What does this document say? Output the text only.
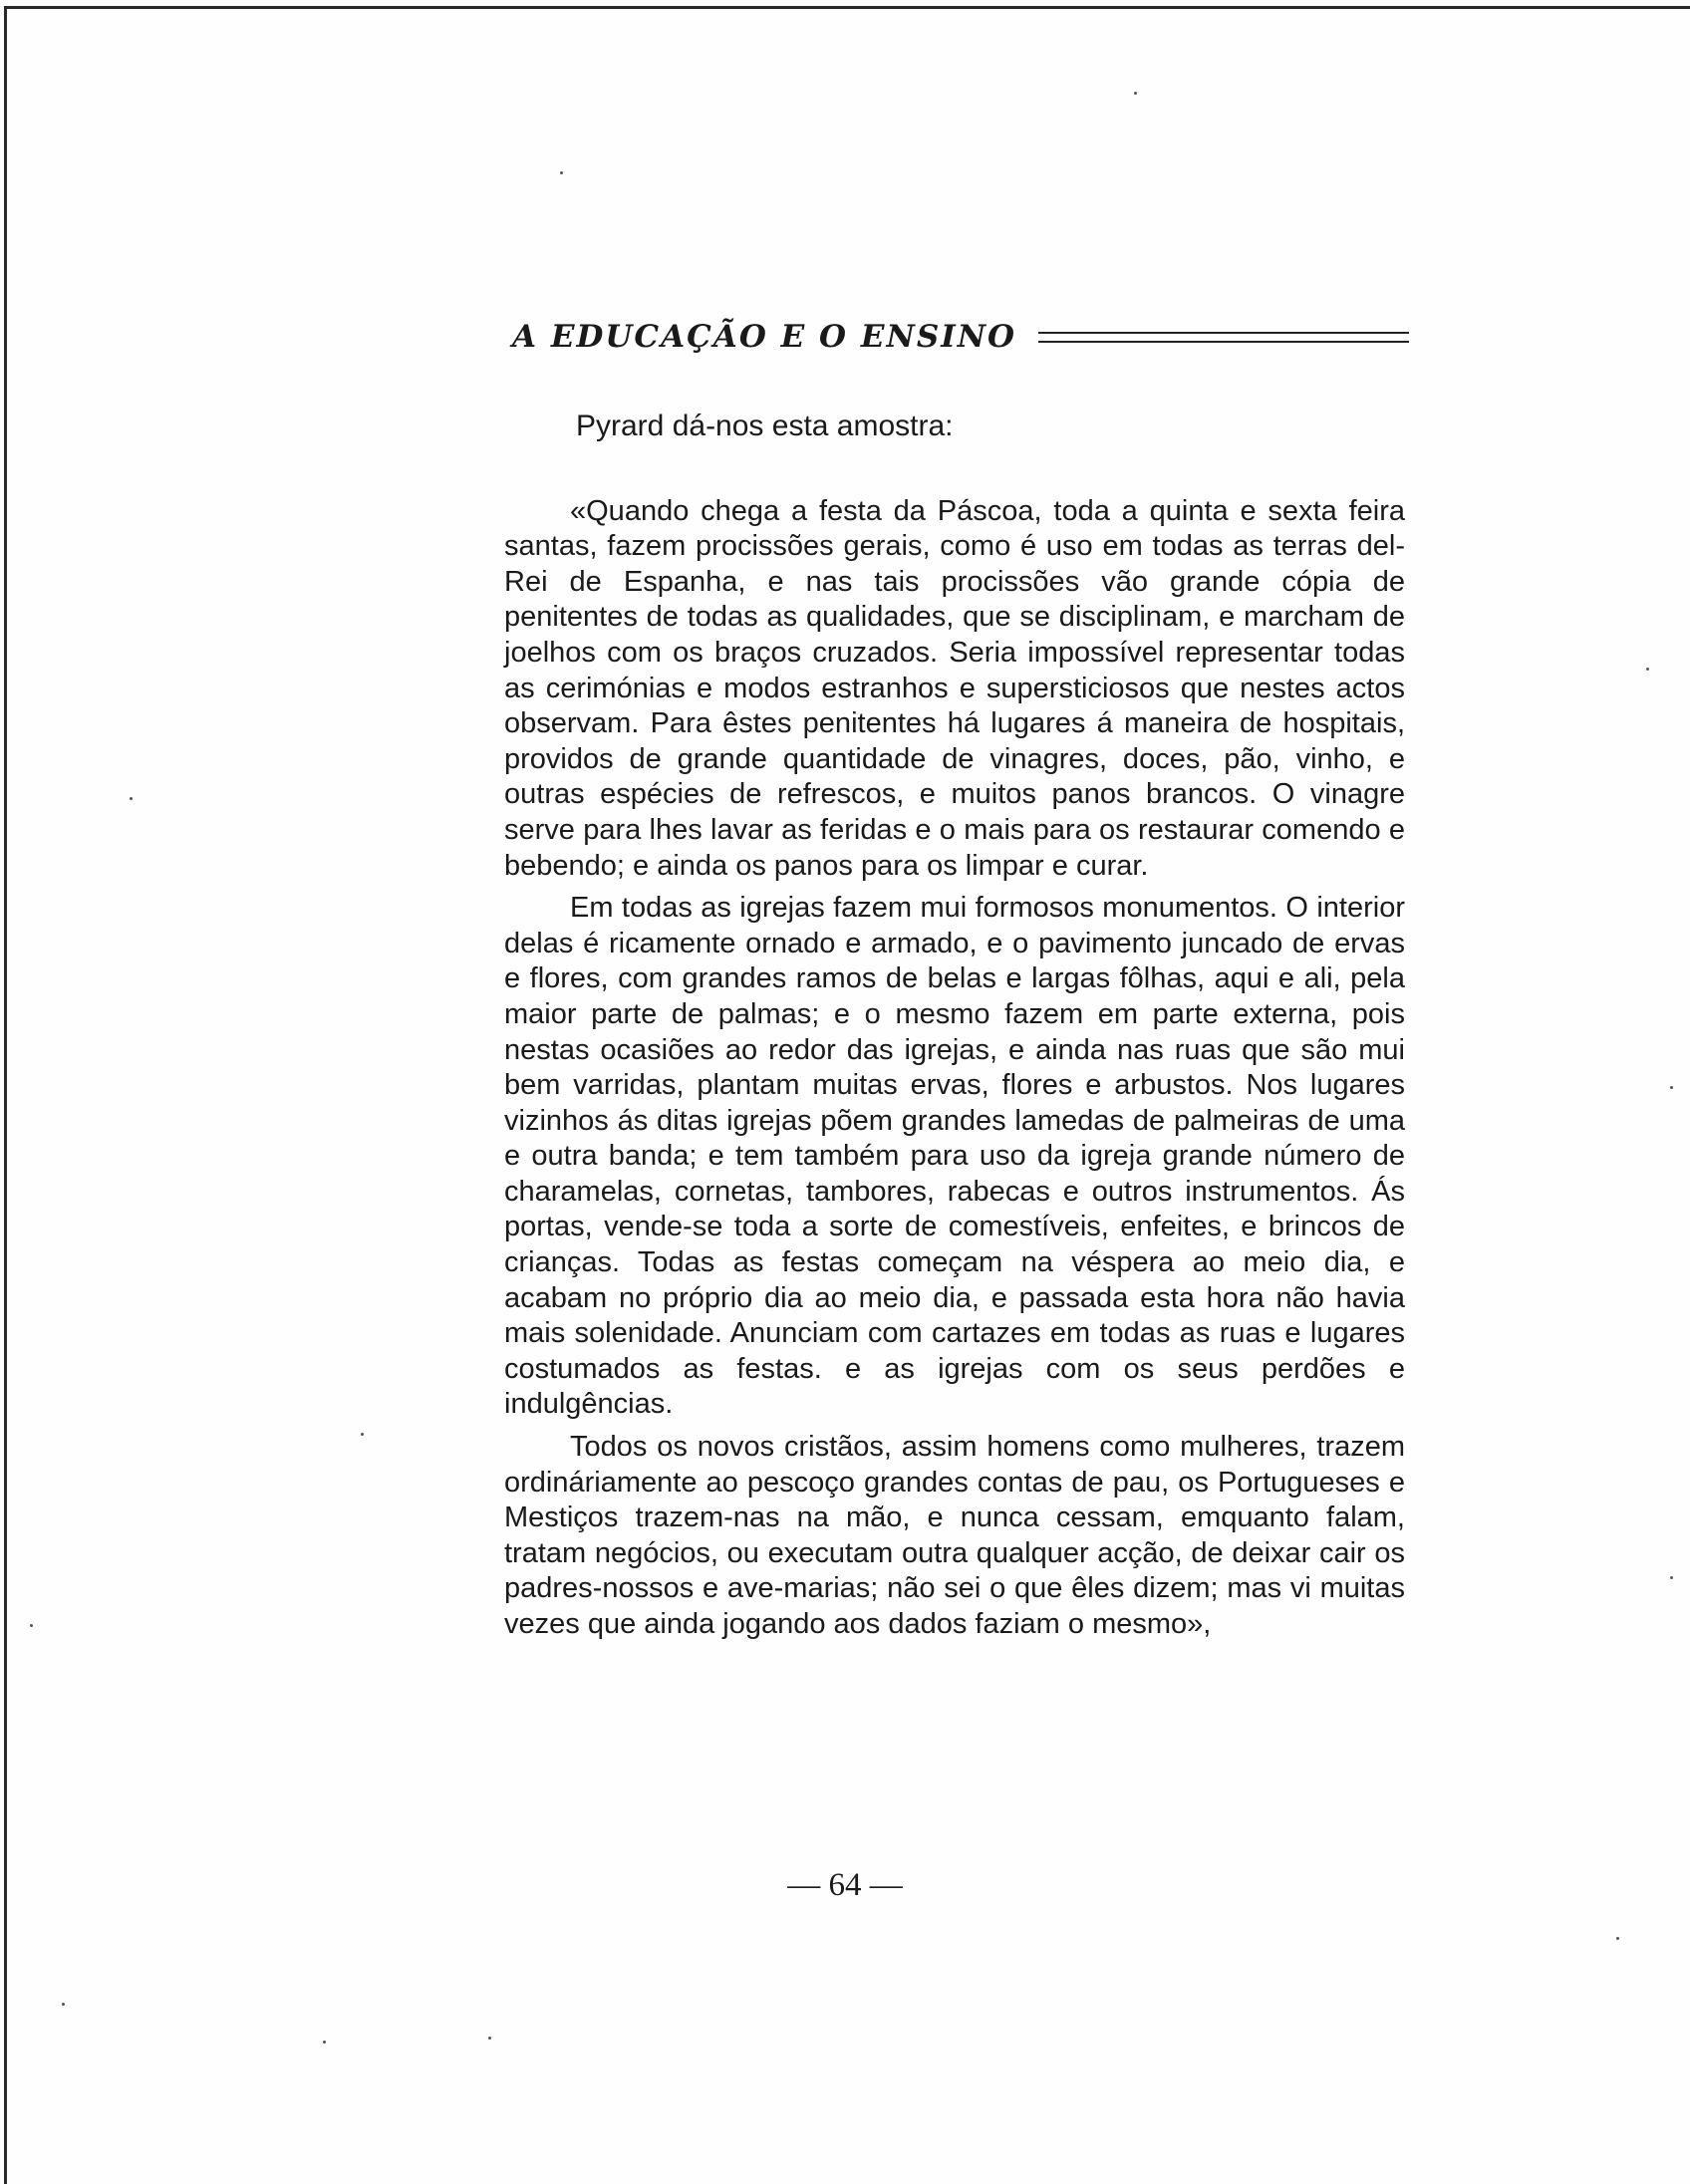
A EDUCAÇÃO E O ENSINO

Pyrard dá-nos esta amostra:

«Quando chega a festa da Páscoa, toda a quinta e sexta feira santas, fazem procissões gerais, como é uso em todas as terras del-Rei de Espanha, e nas tais procissões vão grande cópia de penitentes de todas as qualidades, que se disciplinam, e marcham de joelhos com os braços cruzados. Seria impossível representar todas as cerimónias e modos estranhos e supersticiosos que nestes actos observam. Para êstes penitentes há lugares á maneira de hospitais, providos de grande quantidade de vinagres, doces, pão, vinho, e outras espécies de refrescos, e muitos panos brancos. O vinagre serve para lhes lavar as feridas e o mais para os restaurar comendo e bebendo; e ainda os panos para os limpar e curar.

Em todas as igrejas fazem mui formosos monumentos. O interior delas é ricamente ornado e armado, e o pavimento juncado de ervas e flores, com grandes ramos de belas e largas fôlhas, aqui e ali, pela maior parte de palmas; e o mesmo fazem em parte externa, pois nestas ocasiões ao redor das igrejas, e ainda nas ruas que são mui bem varridas, plantam muitas ervas, flores e arbustos. Nos lugares vizinhos ás ditas igrejas põem grandes lamedas de palmeiras de uma e outra banda; e tem também para uso da igreja grande número de charamelas, cornetas, tambores, rabecas e outros instrumentos. Ás portas, vende-se toda a sorte de comestíveis, enfeites, e brincos de crianças. Todas as festas começam na véspera ao meio dia, e acabam no próprio dia ao meio dia, e passada esta hora não havia mais solenidade. Anunciam com cartazes em todas as ruas e lugares costumados as festas. e as igrejas com os seus perdões e indulgências.

Todos os novos cristãos, assim homens como mulheres, trazem ordináriamente ao pescoço grandes contas de pau, os Portugueses e Mestiços trazem-nas na mão, e nunca cessam, emquanto falam, tratam negócios, ou executam outra qualquer acção, de deixar cair os padres-nossos e ave-marias; não sei o que êles dizem; mas vi muitas vezes que ainda jogando aos dados faziam o mesmo»,

— 64 —
